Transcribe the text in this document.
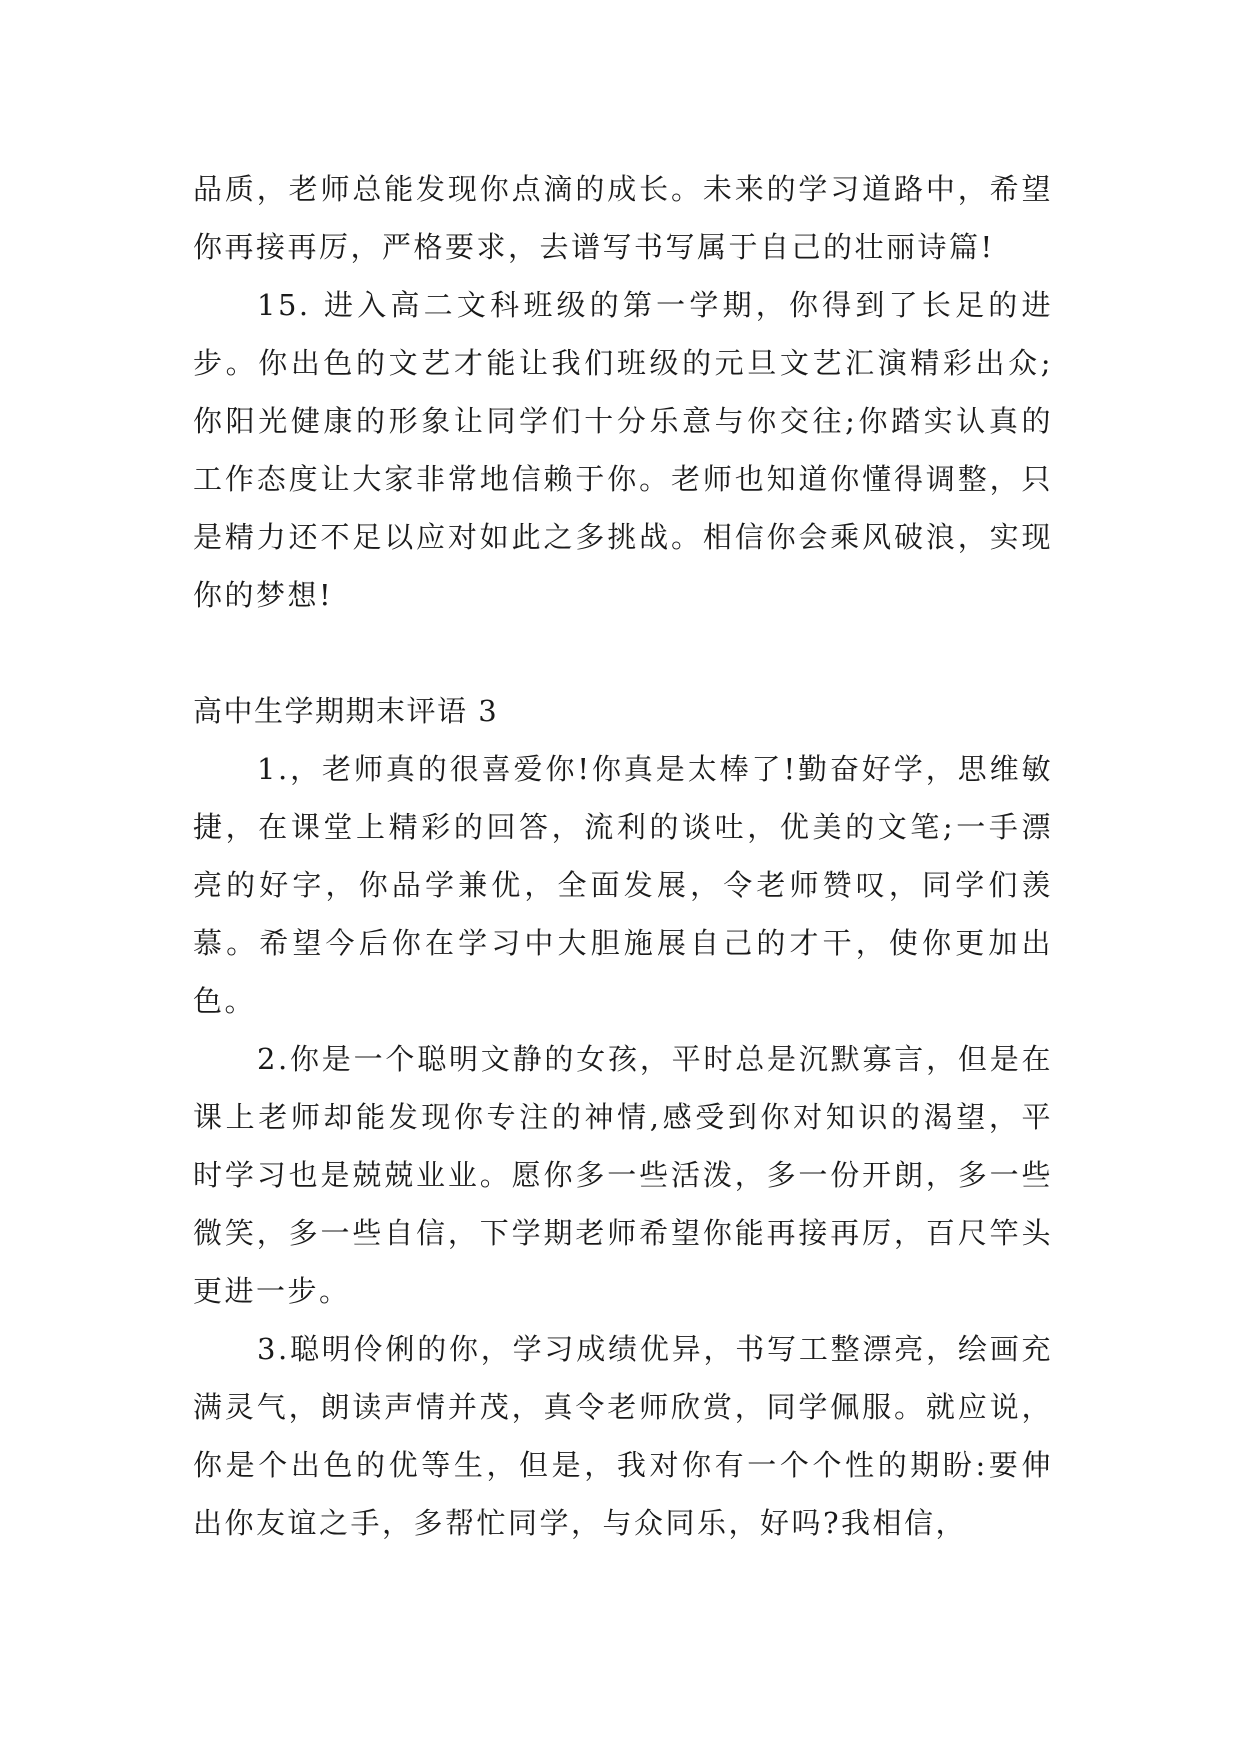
品质，老师总能发现你点滴的成长。未来的学习道路中，希望你再接再厉，严格要求，去谱写书写属于自己的壮丽诗篇!

15. 进入高二文科班级的第一学期，你得到了长足的进步。你出色的文艺才能让我们班级的元旦文艺汇演精彩出众;你阳光健康的形象让同学们十分乐意与你交往;你踏实认真的工作态度让大家非常地信赖于你。老师也知道你懂得调整，只是精力还不足以应对如此之多挑战。相信你会乘风破浪，实现你的梦想!

高中生学期期末评语 3

1.，老师真的很喜爱你!你真是太棒了!勤奋好学，思维敏捷，在课堂上精彩的回答，流利的谈吐，优美的文笔;一手漂亮的好字，你品学兼优，全面发展，令老师赞叹，同学们羡慕。希望今后你在学习中大胆施展自己的才干，使你更加出色。

2.你是一个聪明文静的女孩，平时总是沉默寡言，但是在课上老师却能发现你专注的神情,感受到你对知识的渴望，平时学习也是兢兢业业。愿你多一些活泼，多一份开朗，多一些微笑，多一些自信，下学期老师希望你能再接再厉，百尺竿头更进一步。

3.聪明伶俐的你，学习成绩优异，书写工整漂亮，绘画充满灵气，朗读声情并茂，真令老师欣赏，同学佩服。就应说，你是个出色的优等生，但是，我对你有一个个性的期盼:要伸出你友谊之手，多帮忙同学，与众同乐，好吗?我相信，
